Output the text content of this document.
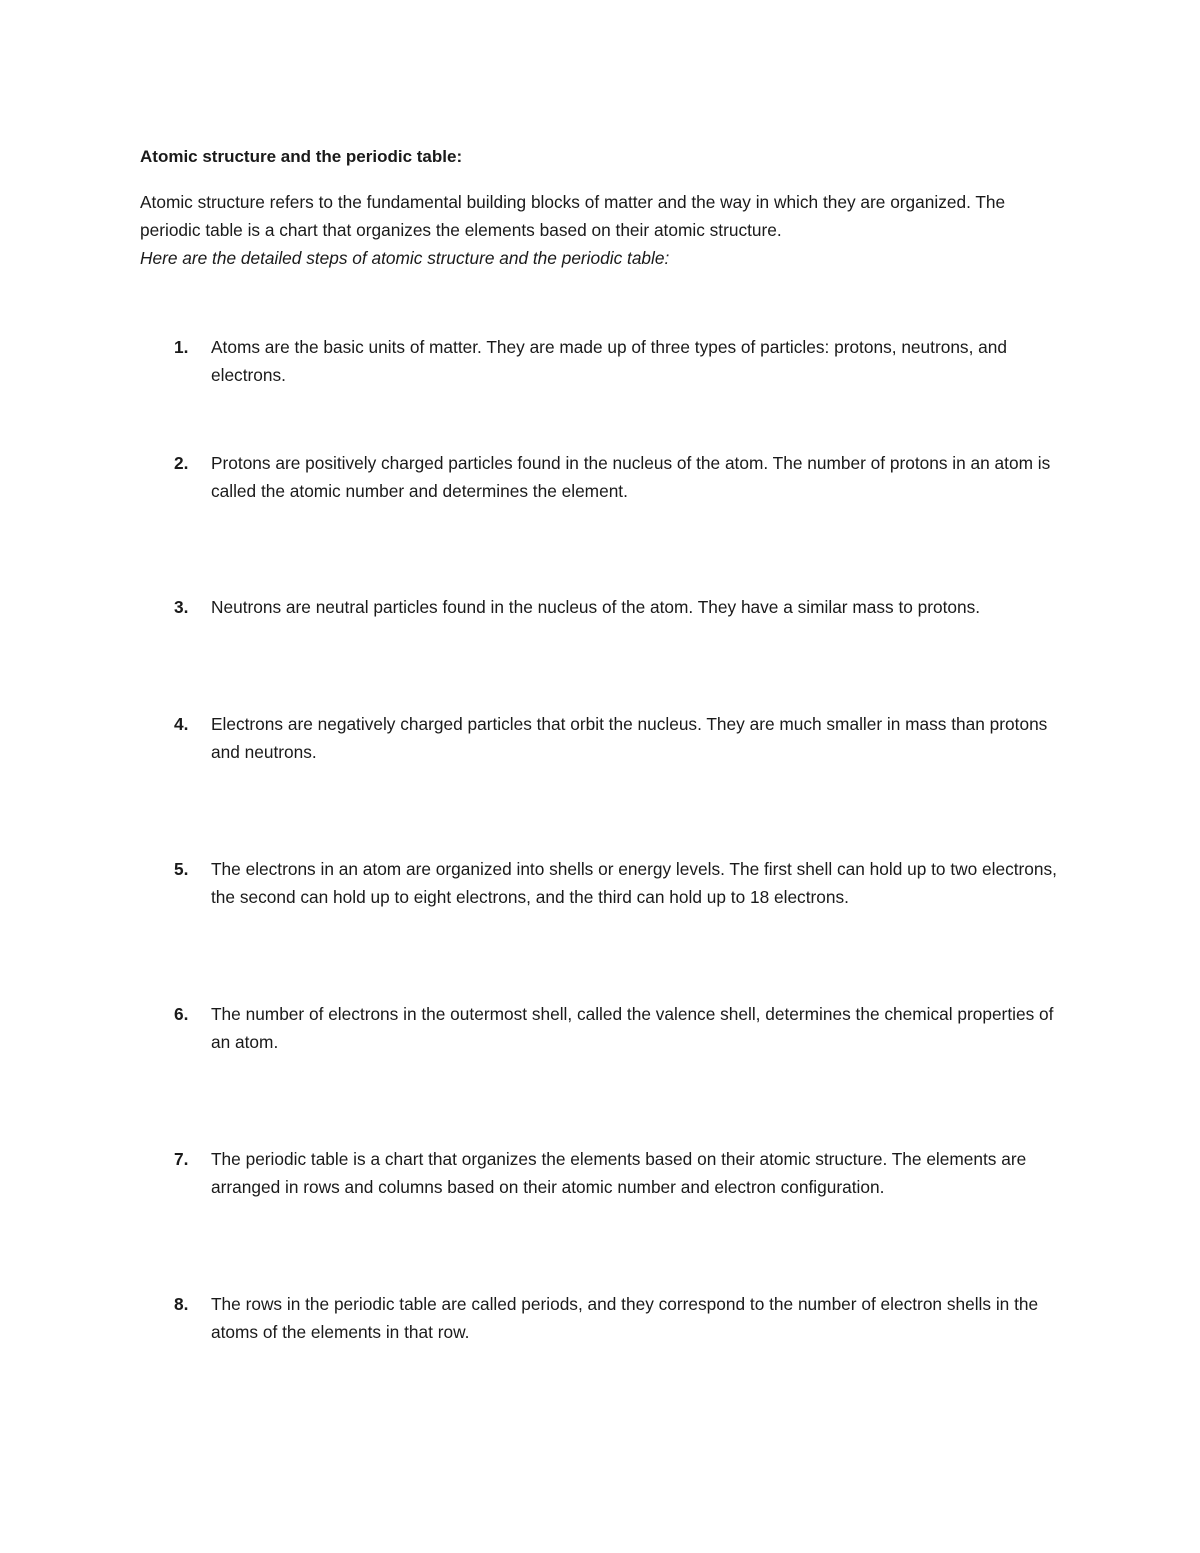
Atomic structure and the periodic table:

Atomic structure refers to the fundamental building blocks of matter and the way in which they are organized. The periodic table is a chart that organizes the elements based on their atomic structure.

Here are the detailed steps of atomic structure and the periodic table:

1. Atoms are the basic units of matter. They are made up of three types of particles: protons, neutrons, and electrons.
2. Protons are positively charged particles found in the nucleus of the atom. The number of protons in an atom is called the atomic number and determines the element.
3. Neutrons are neutral particles found in the nucleus of the atom. They have a similar mass to protons.
4. Electrons are negatively charged particles that orbit the nucleus. They are much smaller in mass than protons and neutrons.
5. The electrons in an atom are organized into shells or energy levels. The first shell can hold up to two electrons, the second can hold up to eight electrons, and the third can hold up to 18 electrons.
6. The number of electrons in the outermost shell, called the valence shell, determines the chemical properties of an atom.
7. The periodic table is a chart that organizes the elements based on their atomic structure. The elements are arranged in rows and columns based on their atomic number and electron configuration.
8. The rows in the periodic table are called periods, and they correspond to the number of electron shells in the atoms of the elements in that row.
